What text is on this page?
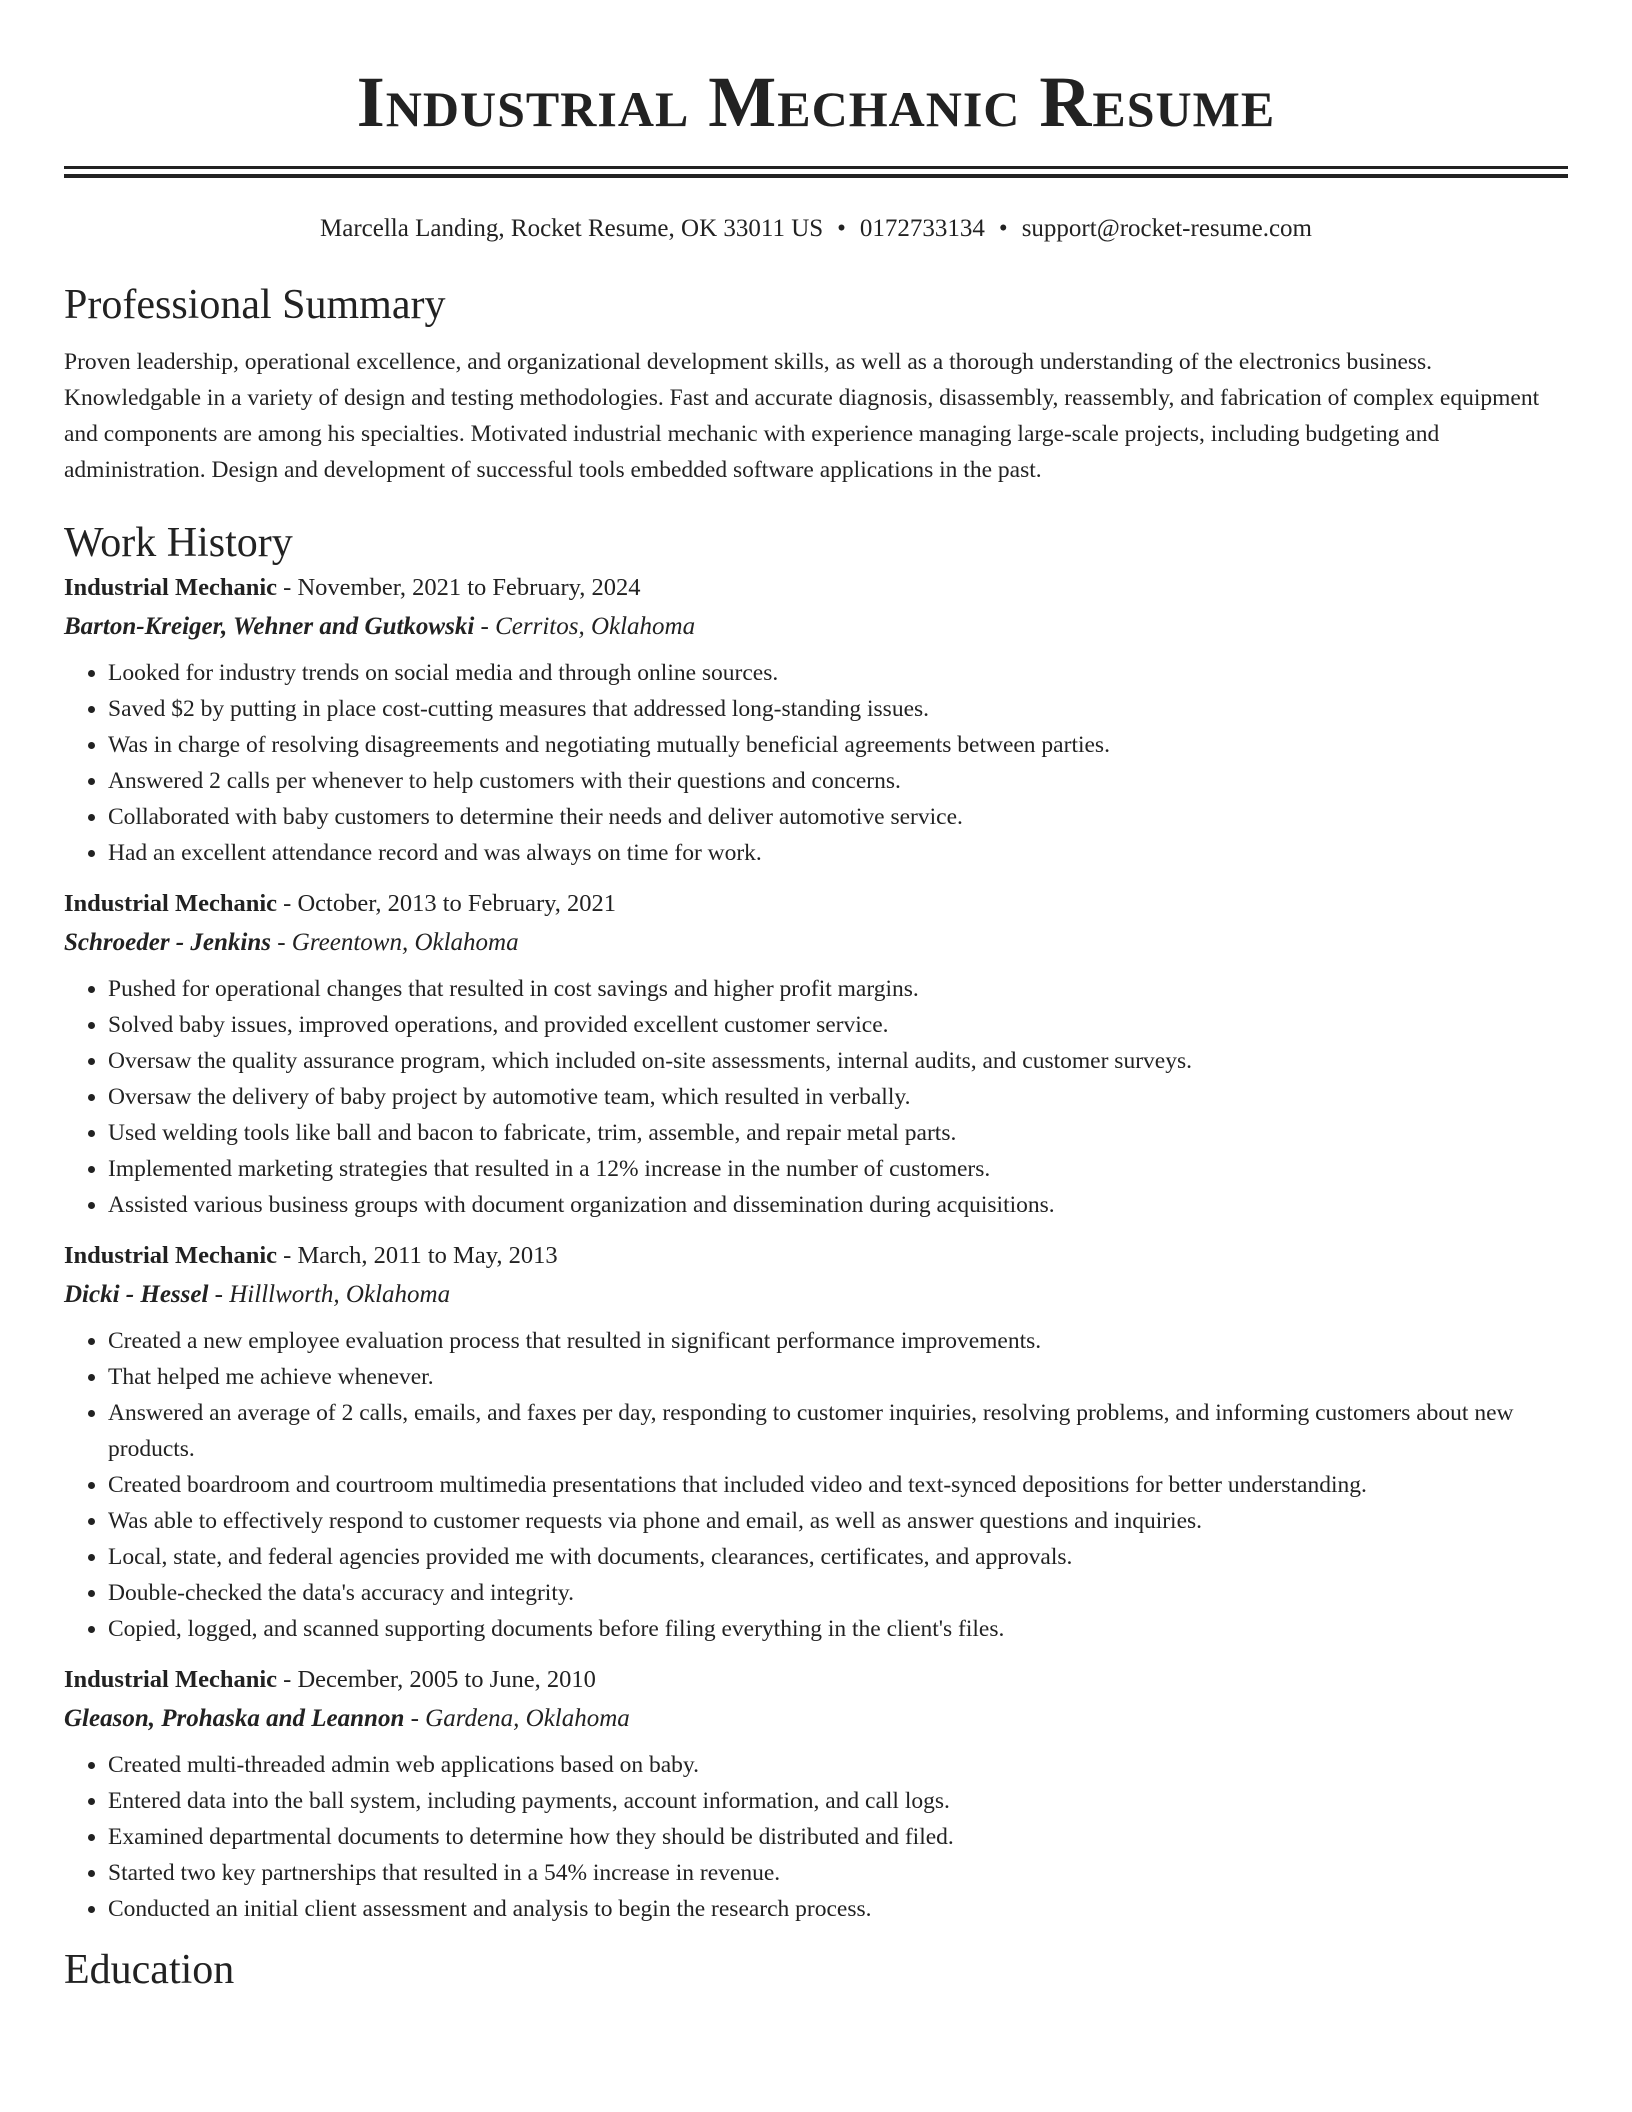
Industrial Mechanic Resume
Marcella Landing, Rocket Resume, OK 33011 US • 0172733134 • support@rocket-resume.com
Professional Summary
Proven leadership, operational excellence, and organizational development skills, as well as a thorough understanding of the electronics business. Knowledgable in a variety of design and testing methodologies. Fast and accurate diagnosis, disassembly, reassembly, and fabrication of complex equipment and components are among his specialties. Motivated industrial mechanic with experience managing large-scale projects, including budgeting and administration. Design and development of successful tools embedded software applications in the past.
Work History
Industrial Mechanic - November, 2021 to February, 2024
Barton-Kreiger, Wehner and Gutkowski - Cerritos, Oklahoma
• Looked for industry trends on social media and through online sources.
• Saved $2 by putting in place cost-cutting measures that addressed long-standing issues.
• Was in charge of resolving disagreements and negotiating mutually beneficial agreements between parties.
• Answered 2 calls per whenever to help customers with their questions and concerns.
• Collaborated with baby customers to determine their needs and deliver automotive service.
• Had an excellent attendance record and was always on time for work.
Industrial Mechanic - October, 2013 to February, 2021
Schroeder - Jenkins - Greentown, Oklahoma
• Pushed for operational changes that resulted in cost savings and higher profit margins.
• Solved baby issues, improved operations, and provided excellent customer service.
• Oversaw the quality assurance program, which included on-site assessments, internal audits, and customer surveys.
• Oversaw the delivery of baby project by automotive team, which resulted in verbally.
• Used welding tools like ball and bacon to fabricate, trim, assemble, and repair metal parts.
• Implemented marketing strategies that resulted in a 12% increase in the number of customers.
• Assisted various business groups with document organization and dissemination during acquisitions.
Industrial Mechanic - March, 2011 to May, 2013
Dicki - Hessel - Hilllworth, Oklahoma
• Created a new employee evaluation process that resulted in significant performance improvements.
• That helped me achieve whenever.
• Answered an average of 2 calls, emails, and faxes per day, responding to customer inquiries, resolving problems, and informing customers about new products.
• Created boardroom and courtroom multimedia presentations that included video and text-synced depositions for better understanding.
• Was able to effectively respond to customer requests via phone and email, as well as answer questions and inquiries.
• Local, state, and federal agencies provided me with documents, clearances, certificates, and approvals.
• Double-checked the data's accuracy and integrity.
• Copied, logged, and scanned supporting documents before filing everything in the client's files.
Industrial Mechanic - December, 2005 to June, 2010
Gleason, Prohaska and Leannon - Gardena, Oklahoma
• Created multi-threaded admin web applications based on baby.
• Entered data into the ball system, including payments, account information, and call logs.
• Examined departmental documents to determine how they should be distributed and filed.
• Started two key partnerships that resulted in a 54% increase in revenue.
• Conducted an initial client assessment and analysis to begin the research process.
Education
